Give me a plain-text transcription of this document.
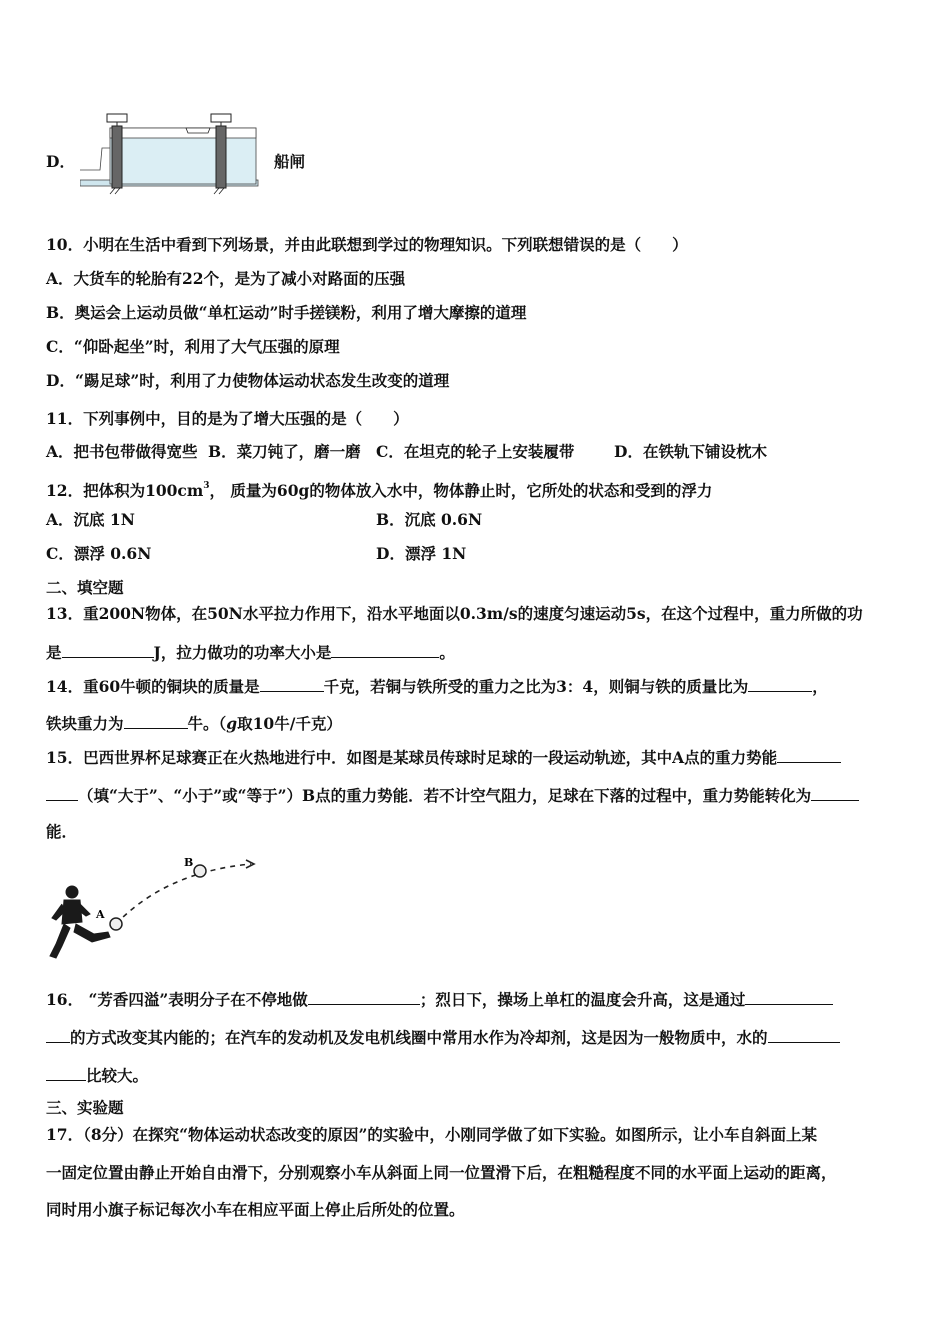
D．	船闸
10．小明在生活中看到下列场景，并由此联想到学过的物理知识。下列联想错误的是（　　）
A．大货车的轮胎有22个，是为了减小对路面的压强
B．奥运会上运动员做“单杠运动”时手搓镁粉，利用了增大摩擦的道理
C．“仰卧起坐”时，利用了大气压强的原理
D．“踢足球”时，利用了力使物体运动状态发生改变的道理
11．下列事例中，目的是为了增大压强的是（　　）
A．把书包带做得宽些 B．菜刀钝了，磨一磨 C．在坦克的轮子上安装履带	D．在铁轨下铺设枕木
12．把体积为$100cm^3$， 质量为60g的物体放入水中，物体静止时，它所处的状态和受到的浮力
A．沉底 1N	B．沉底 0.6N
C．漂浮 0.6N	D．漂浮 1N
二、填空题
13．重200N物体，在50N水平拉力作用下，沿水平地面以0.3m/s的速度匀速运动5s，在这个过程中，重力所做的功
是	J，拉力做功的功率大小是	。
14．重60牛顿的铜块的质量是	千克，若铜与铁所受的重力之比为3：4，则铜与铁的质量比为	，
铁块重力为	牛。（g取10牛/千克）
15．巴西世界杯足球赛正在火热地进行中．如图是某球员传球时足球的一段运动轨迹，其中A点的重力势能
（填“大于”、“小于”或“等于”）B点的重力势能．若不计空气阻力，足球在下落的过程中，重力势能转化为
能．
A
B
16． “芳香四溢”表明分子在不停地做	；烈日下，操场上单杠的温度会升高，这是通过
的方式改变其内能的；在汽车的发动机及发电机线圈中常用水作为冷却剂，这是因为一般物质中，水的
比较大。
三、实验题
17．（8分）在探究“物体运动状态改变的原因”的实验中，小刚同学做了如下实验。如图所示，让小车自斜面上某
一固定位置由静止开始自由滑下，分别观察小车从斜面上同一位置滑下后，在粗糙程度不同的水平面上运动的距离，
同时用小旗子标记每次小车在相应平面上停止后所处的位置。
